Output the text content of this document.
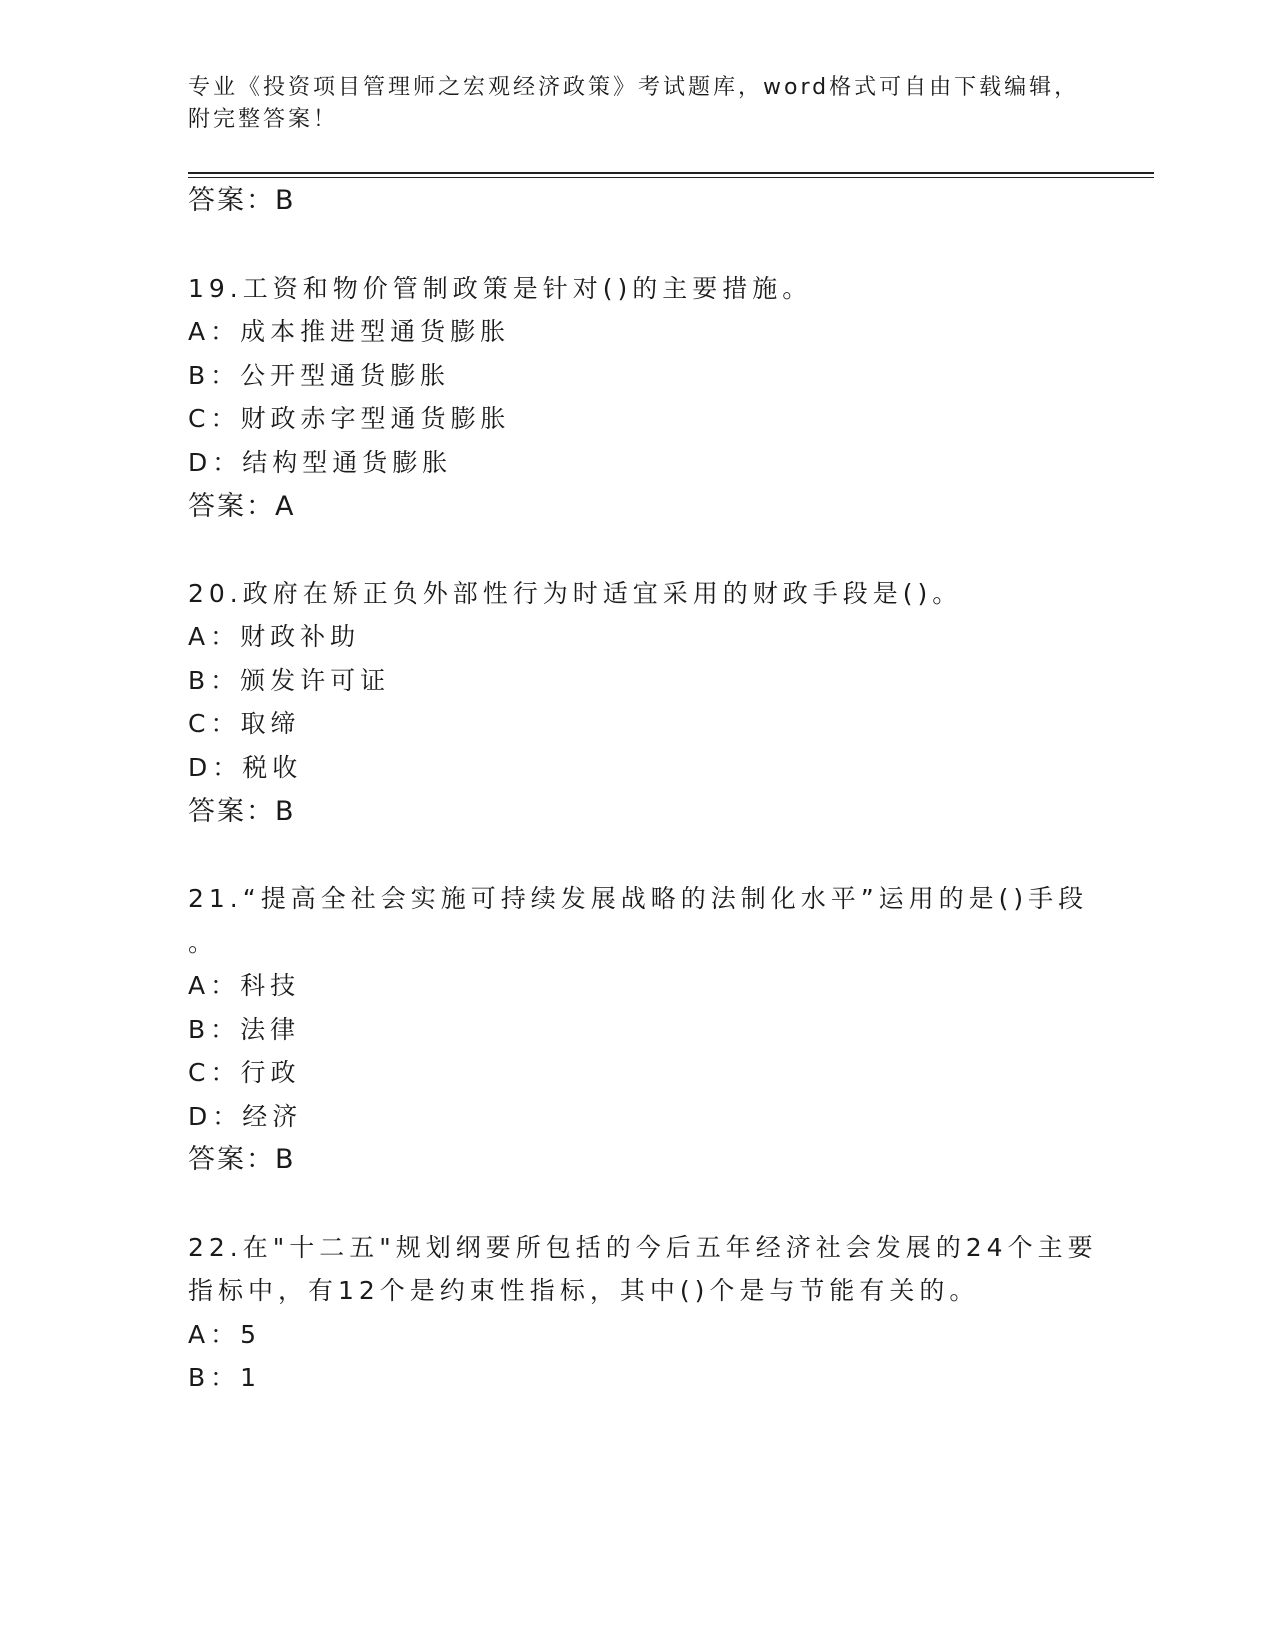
专业《投资项目管理师之宏观经济政策》考试题库，word格式可自由下载编辑，
附完整答案！
答案：B
19.工资和物价管制政策是针对()的主要措施。
A：成本推进型通货膨胀
B：公开型通货膨胀
C：财政赤字型通货膨胀
D：结构型通货膨胀
答案：A
20.政府在矫正负外部性行为时适宜采用的财政手段是()。
A：财政补助
B：颁发许可证
C：取缔
D：税收
答案：B
21.“提高全社会实施可持续发展战略的法制化水平”运用的是()手段
。
A：科技
B：法律
C：行政
D：经济
答案：B
22.在"十二五"规划纲要所包括的今后五年经济社会发展的24个主要
指标中，有12个是约束性指标，其中()个是与节能有关的。
A：5
B：1
